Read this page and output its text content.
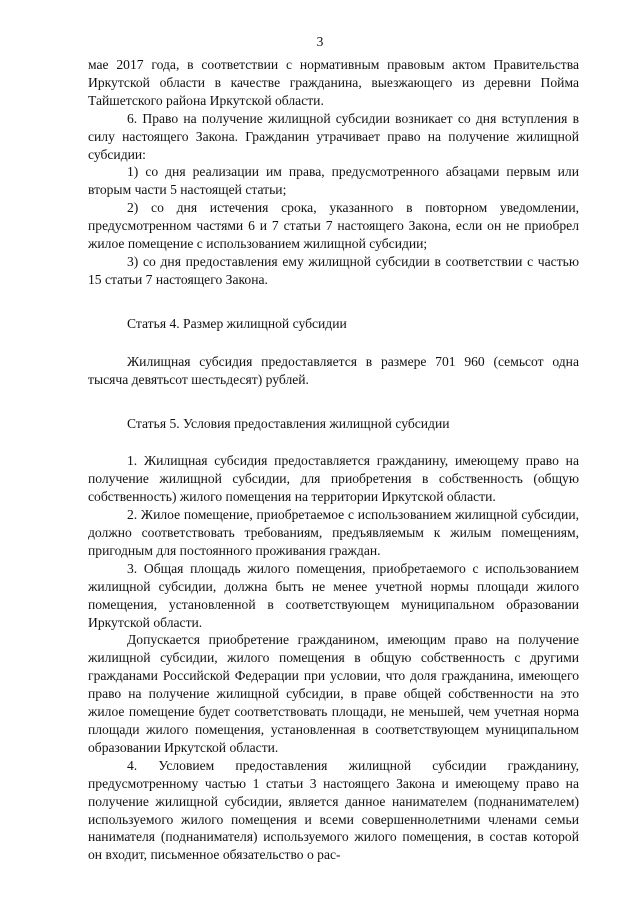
3

мае 2017 года, в соответствии с нормативным правовым актом Правительства Иркутской области в качестве гражданина, выезжающего из деревни Пойма Тайшетского района Иркутской области.

6. Право на получение жилищной субсидии возникает со дня вступления в силу настоящего Закона. Гражданин утрачивает право на получение жилищной субсидии:

1) со дня реализации им права, предусмотренного абзацами первым или вторым части 5 настоящей статьи;

2) со дня истечения срока, указанного в повторном уведомлении, предусмотренном частями 6 и 7 статьи 7 настоящего Закона, если он не приобрел жилое помещение с использованием жилищной субсидии;

3) со дня предоставления ему жилищной субсидии в соответствии с частью 15 статьи 7 настоящего Закона.

Статья 4. Размер жилищной субсидии

Жилищная субсидия предоставляется в размере 701 960 (семьсот одна тысяча девятьсот шестьдесят) рублей.

Статья 5. Условия предоставления жилищной субсидии

1. Жилищная субсидия предоставляется гражданину, имеющему право на получение жилищной субсидии, для приобретения в собственность (общую собственность) жилого помещения на территории Иркутской области.

2. Жилое помещение, приобретаемое с использованием жилищной субсидии, должно соответствовать требованиям, предъявляемым к жилым помещениям, пригодным для постоянного проживания граждан.

3. Общая площадь жилого помещения, приобретаемого с использованием жилищной субсидии, должна быть не менее учетной нормы площади жилого помещения, установленной в соответствующем муниципальном образовании Иркутской области.

Допускается приобретение гражданином, имеющим право на получение жилищной субсидии, жилого помещения в общую собственность с другими гражданами Российской Федерации при условии, что доля гражданина, имеющего право на получение жилищной субсидии, в праве общей собственности на это жилое помещение будет соответствовать площади, не меньшей, чем учетная норма площади жилого помещения, установленная в соответствующем муниципальном образовании Иркутской области.

4. Условием предоставления жилищной субсидии гражданину, предусмотренному частью 1 статьи 3 настоящего Закона и имеющему право на получение жилищной субсидии, является данное нанимателем (поднанимателем) используемого жилого помещения и всеми совершеннолетними членами семьи нанимателя (поднанимателя) используемого жилого помещения, в состав которой он входит, письменное обязательство о рас-
